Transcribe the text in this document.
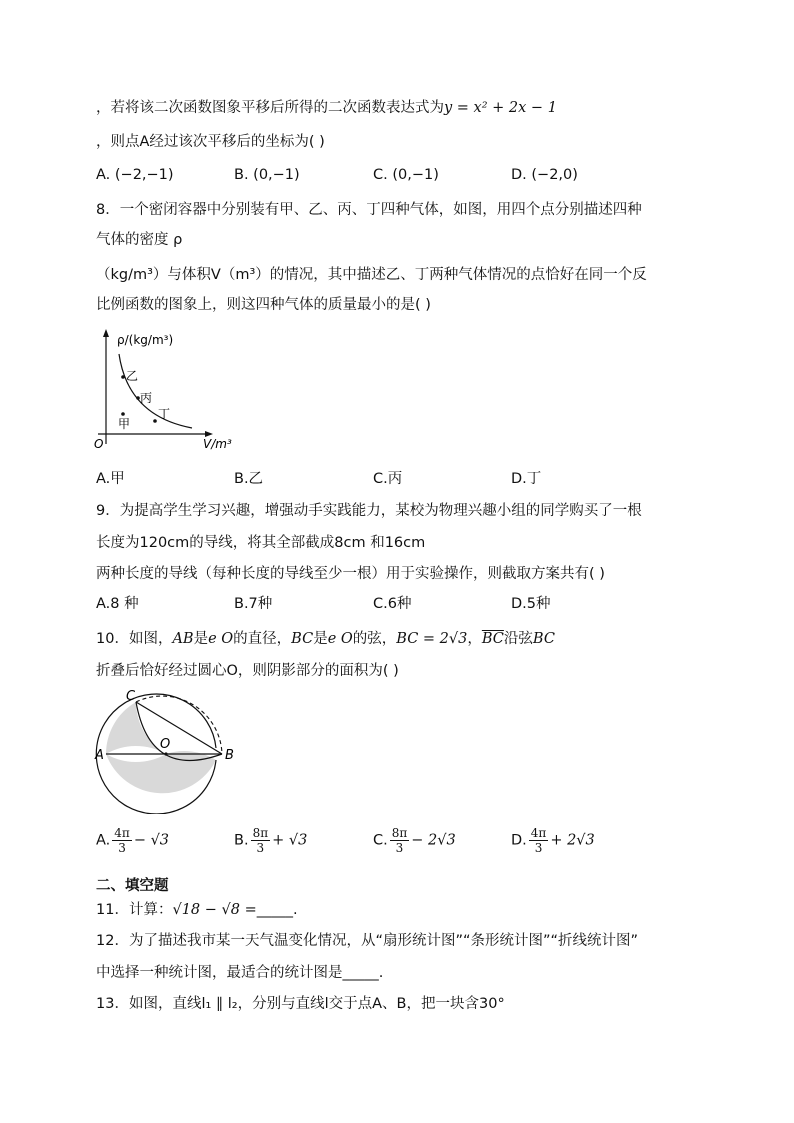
，若将该二次函数图象平移后所得的二次函数表达式为y = x² + 2x − 1
，则点A经过该次平移后的坐标为( )
A. (−2,−1)	B. (0,−1)	C. (0,−1)	D. (−2,0)
8．一个密闭容器中分别装有甲、乙、丙、丁四种气体，如图，用四个点分别描述四种
气体的密度 ρ
（kg/m³）与体积V（m³）的情况，其中描述乙、丁两种气体情况的点恰好在同一个反
比例函数的图象上，则这四种气体的质量最小的是( )
ρ/(kg/m³)
V/m³
O
乙
丙
丁
甲
A.甲	B.乙	C.丙	D.丁
9．为提高学生学习兴趣，增强动手实践能力，某校为物理兴趣小组的同学购买了一根
长度为120cm的导线，将其全部截成8cm 和16cm
两种长度的导线（每种长度的导线至少一根）用于实验操作，则截取方案共有( )
A.8 种	B.7种	C.6种	D.5种
10．如图，AB是e O的直径，BC是e O的弦，BC = 2√3，$\overline{BC}$沿弦BC
折叠后恰好经过圆心O，则阴影部分的面积为( )
C
A
O
B
A. $\frac{4\pi}{3} - √3$	B. $\frac{8\pi}{3} + √3$	C. $\frac{8\pi}{3} - 2√3$	D. $\frac{4\pi}{3} + 2√3$
二、填空题
11．计算：√18 − √8 =_____.
12．为了描述我市某一天气温变化情况，从“扇形统计图”“条形统计图”“折线统计图”
中选择一种统计图，最适合的统计图是_____.
13．如图，直线l₁ ∥ l₂，分别与直线l交于点A、B，把一块含30°
